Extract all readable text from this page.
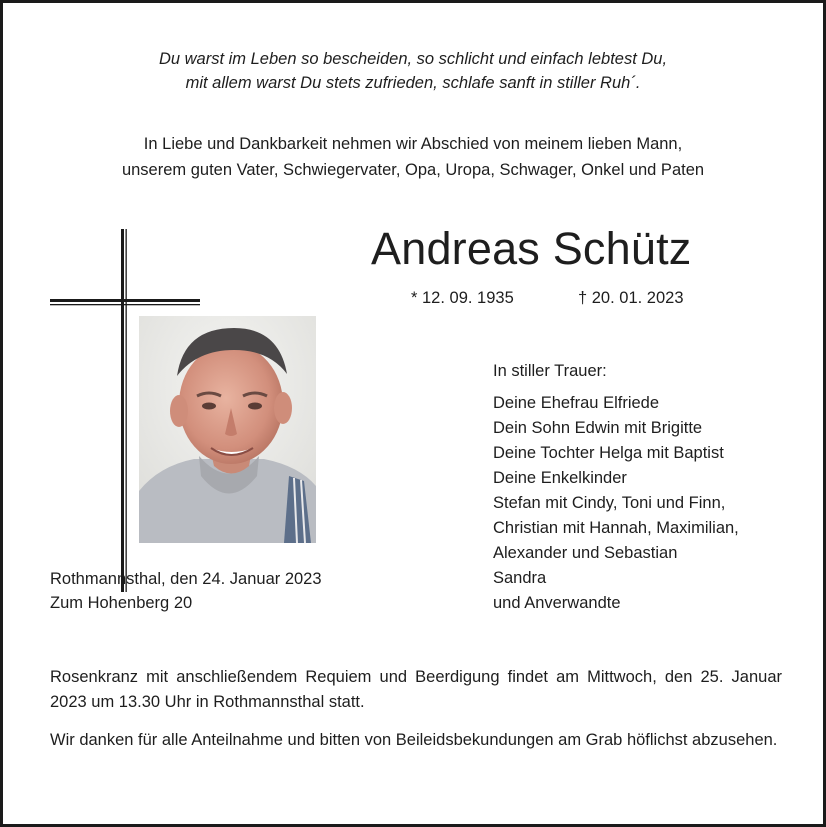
Du warst im Leben so bescheiden, so schlicht und einfach lebtest Du,
mit allem warst Du stets zufrieden, schlafe sanft in stiller Ruh´.
In Liebe und Dankbarkeit nehmen wir Abschied von meinem lieben Mann,
unserem guten Vater, Schwiegervater, Opa, Uropa, Schwager, Onkel und Paten
Andreas Schütz
* 12. 09. 1935	† 20. 01. 2023

In stiller Trauer:

Deine Ehefrau Elfriede
Dein Sohn Edwin mit Brigitte
Deine Tochter Helga mit Baptist
Deine Enkelkinder
Stefan mit Cindy, Toni und Finn,
Christian mit Hannah, Maximilian,
Alexander und Sebastian
Sandra
und Anverwandte
Rothmannsthal, den 24. Januar 2023
Zum Hohenberg 20

Rosenkranz mit anschließendem Requiem und Beerdigung findet am Mittwoch, den 25. Januar 2023 um 13.30 Uhr in Rothmannsthal statt.

Wir danken für alle Anteilnahme und bitten von Beileidsbekundungen am Grab höflichst abzusehen.
